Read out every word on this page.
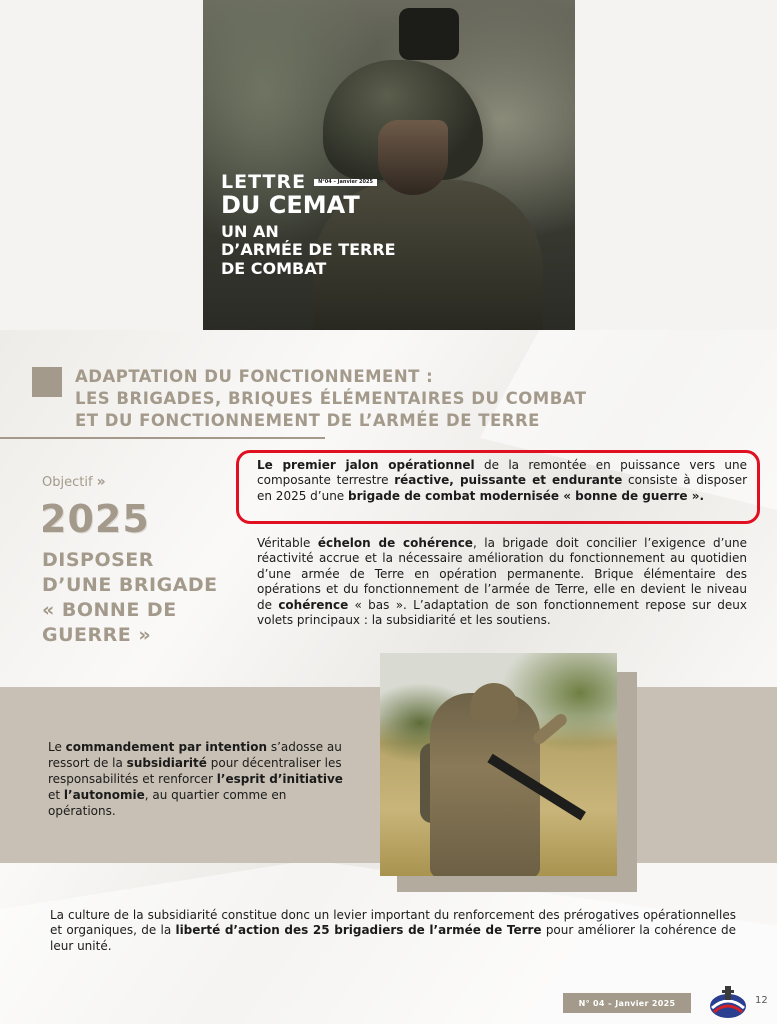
LETTRE	N°04 – Janvier 2025
DU CEMAT
UN AN
D’ARMÉE DE TERRE
DE COMBAT
ADAPTATION DU FONCTIONNEMENT :
LES BRIGADES, BRIQUES ÉLÉMENTAIRES DU COMBAT
ET DU FONCTIONNEMENT DE L’ARMÉE DE TERRE
Objectif »
2025
DISPOSER
D’UNE BRIGADE
« BONNE DE
GUERRE »
Le premier jalon opérationnel de la remontée en puissance vers une composante terrestre réactive, puissante et endurante consiste à disposer en 2025 d’une brigade de combat modernisée « bonne de guerre ».
Véritable échelon de cohérence, la brigade doit concilier l’exigence d’une réactivité accrue et la nécessaire amélioration du fonctionnement au quotidien d’une armée de Terre en opération permanente. Brique élémentaire des opérations et du fonctionnement de l’armée de Terre, elle en devient le niveau de cohérence « bas ». L’adaptation de son fonctionnement repose sur deux volets principaux : la subsidiarité et les soutiens.
Le commandement par intention s’adosse au ressort de la subsidiarité pour décentraliser les responsabilités et renforcer l’esprit d’initiative et l’autonomie, au quartier comme en opérations.
La culture de la subsidiarité constitue donc un levier important du renforcement des prérogatives opérationnelles et organiques, de la liberté d’action des 25 brigadiers de l’armée de Terre pour améliorer la cohérence de leur unité.
N° 04 – Janvier 2025	12
